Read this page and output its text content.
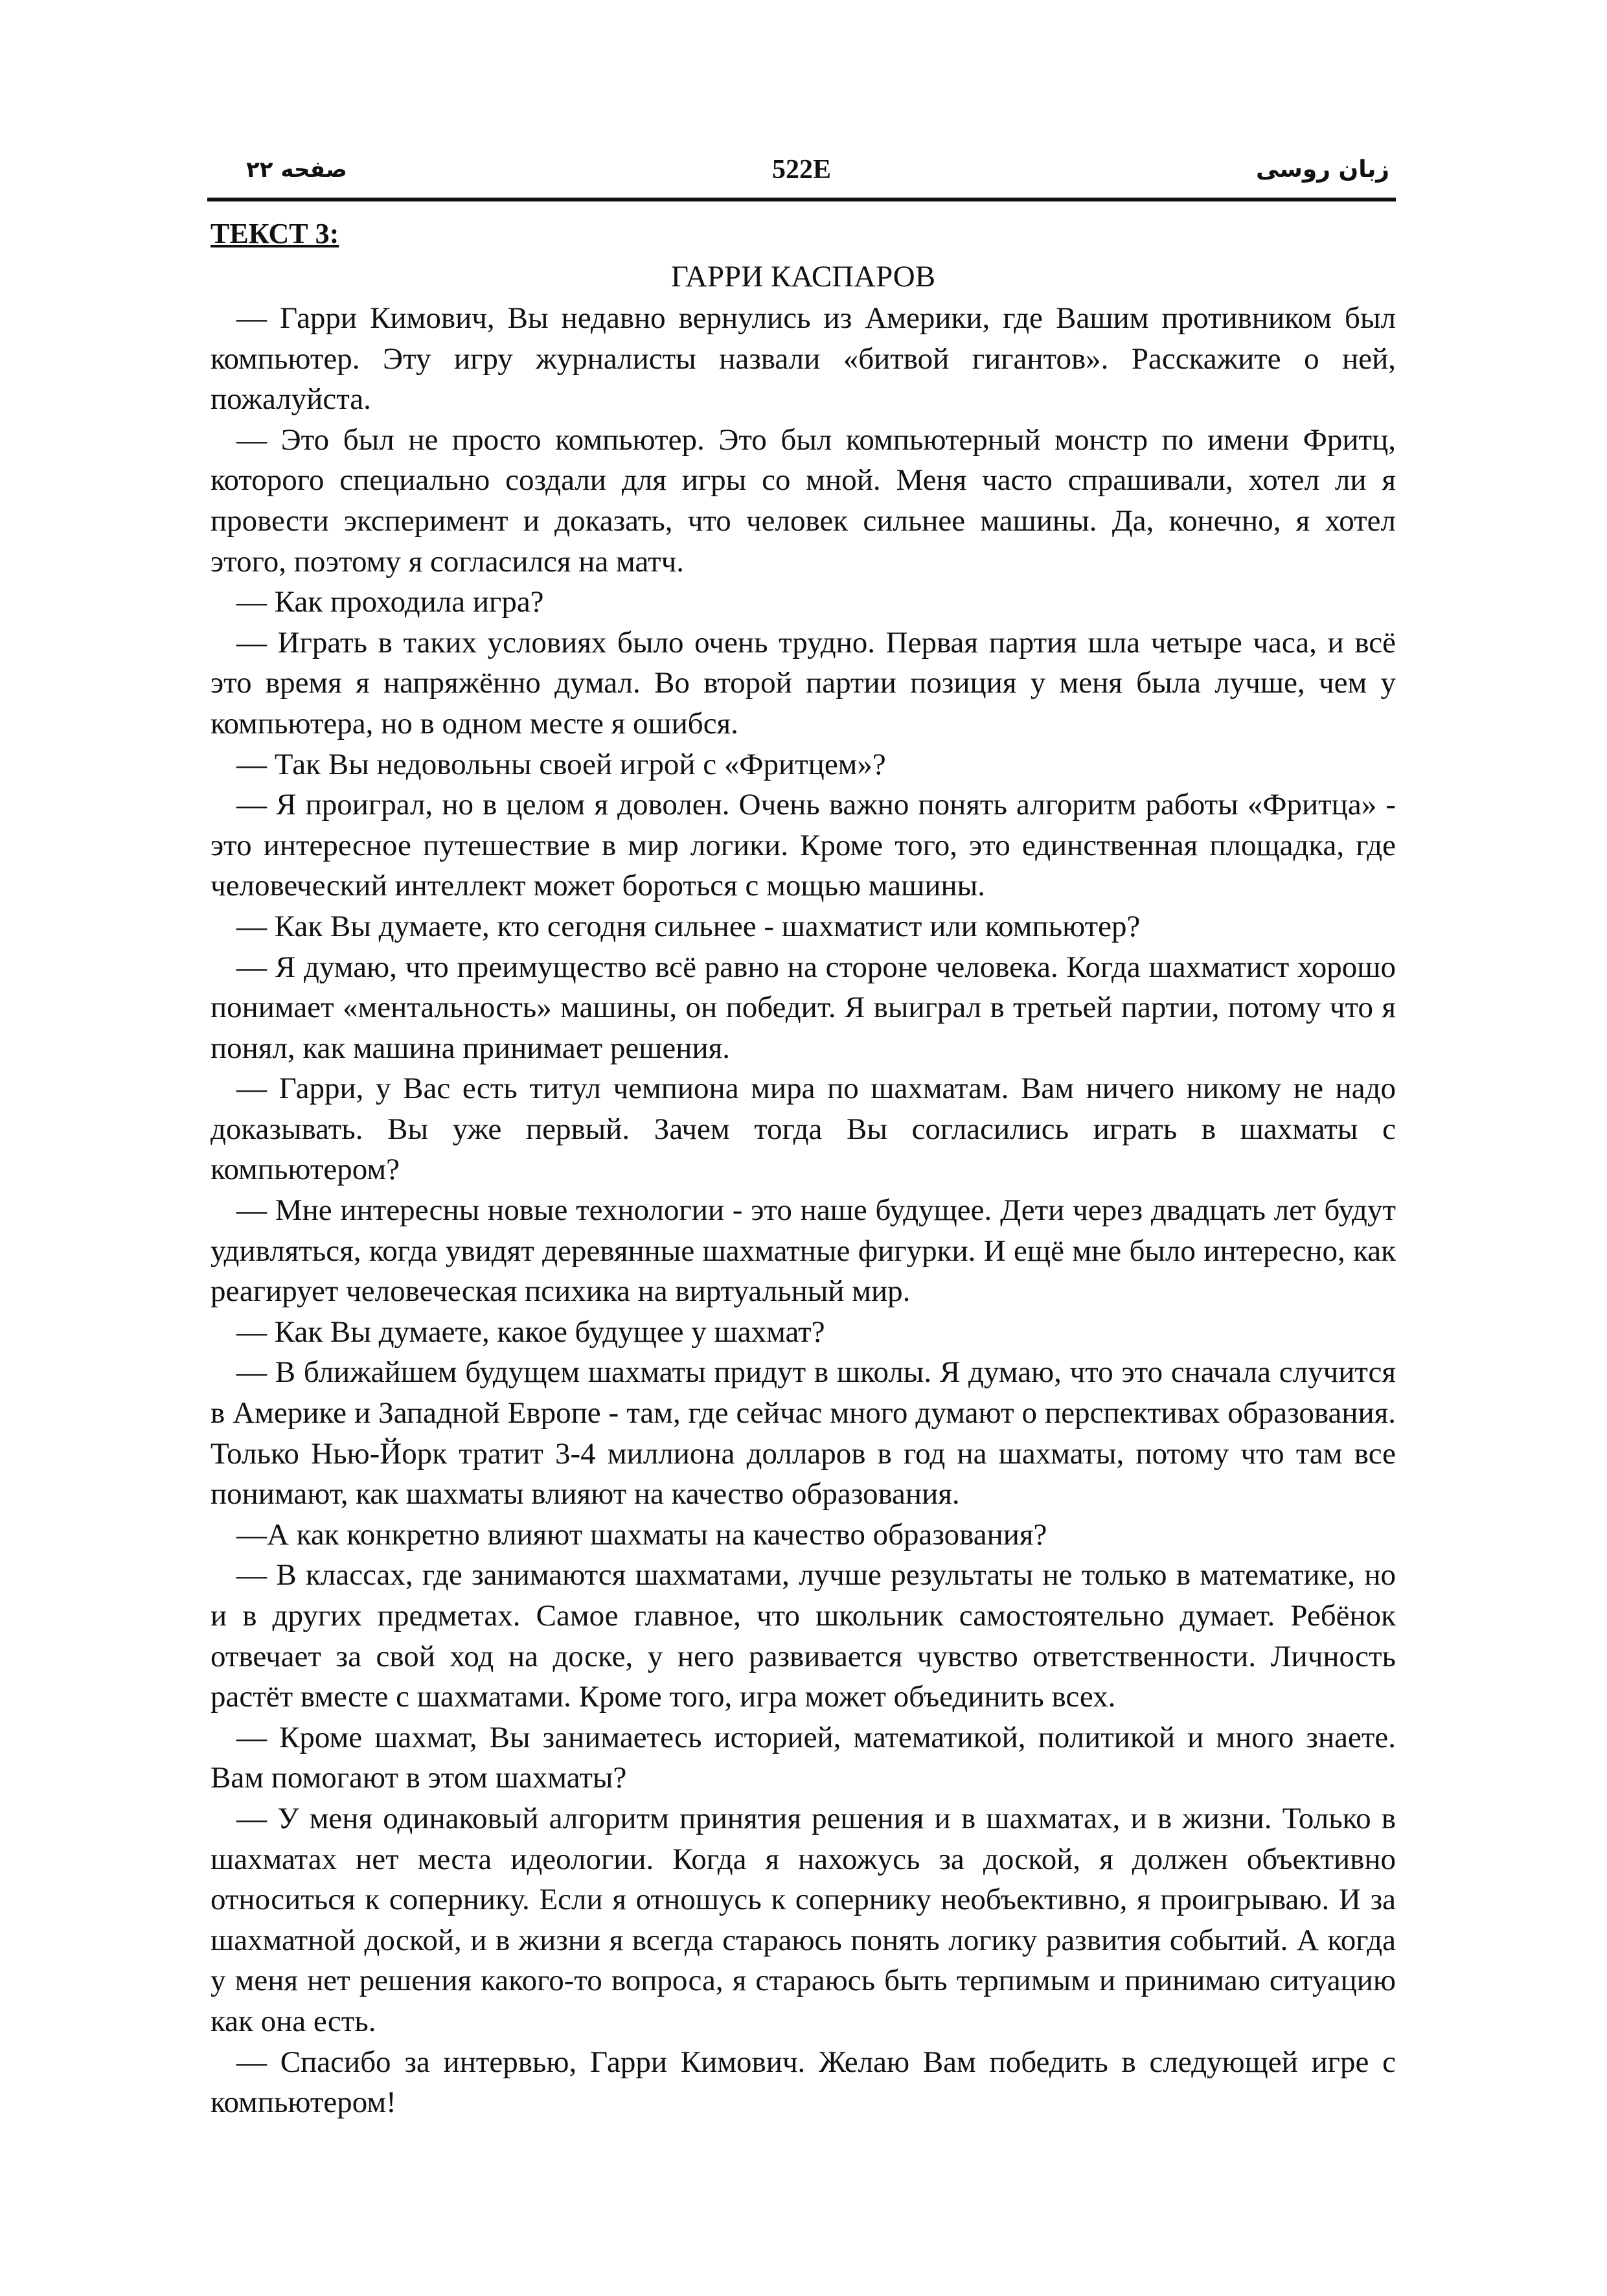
صفحه ۲۲	522E	زبان روسی

ТЕКСТ 3:

ГАРРИ КАСПАРОВ

— Гарри Кимович, Вы недавно вернулись из Америки, где Вашим противником был компьютер. Эту игру журналисты назвали «битвой гигантов». Расскажите о ней, пожалуйста.

— Это был не просто компьютер. Это был компьютерный монстр по имени Фритц, которого специально создали для игры со мной. Меня часто спрашивали, хотел ли я провести эксперимент и доказать, что человек сильнее машины. Да, конечно, я хотел этого, поэтому я согласился на матч.

— Как проходила игра?

— Играть в таких условиях было очень трудно. Первая партия шла четыре часа, и всё это время я напряжённо думал. Во второй партии позиция у меня была лучше, чем у компьютера, но в одном месте я ошибся.

— Так Вы недовольны своей игрой с «Фритцем»?

— Я проиграл, но в целом я доволен. Очень важно понять алгоритм работы «Фритца» - это интересное путешествие в мир логики. Кроме того, это единственная площадка, где человеческий интеллект может бороться с мощью машины.

— Как Вы думаете, кто сегодня сильнее - шахматист или компьютер?

— Я думаю, что преимущество всё равно на стороне человека. Когда шахматист хорошо понимает «ментальность» машины, он победит. Я выиграл в третьей партии, потому что я понял, как машина принимает решения.

— Гарри, у Вас есть титул чемпиона мира по шахматам. Вам ничего никому не надо доказывать. Вы уже первый. Зачем тогда Вы согласились играть в шахматы с компьютером?

— Мне интересны новые технологии - это наше будущее. Дети через двадцать лет будут удивляться, когда увидят деревянные шахматные фигурки. И ещё мне было интересно, как реагирует человеческая психика на виртуальный мир.

— Как Вы думаете, какое будущее у шахмат?

— В ближайшем будущем шахматы придут в школы. Я думаю, что это сначала случится в Америке и Западной Европе - там, где сейчас много думают о перспективах образования. Только Нью-Йорк тратит 3-4 миллиона долларов в год на шахматы, потому что там все понимают, как шахматы влияют на качество образования.

—А как конкретно влияют шахматы на качество образования?

— В классах, где занимаются шахматами, лучше результаты не только в математике, но и в других предметах. Самое главное, что школьник самостоятельно думает. Ребёнок отвечает за свой ход на доске, у него развивается чувство ответственности. Личность растёт вместе с шахматами. Кроме того, игра может объединить всех.

— Кроме шахмат, Вы занимаетесь историей, математикой, политикой и много знаете. Вам помогают в этом шахматы?

— У меня одинаковый алгоритм принятия решения и в шахматах, и в жизни. Только в шахматах нет места идеологии. Когда я нахожусь за доской, я должен объективно относиться к сопернику. Если я отношусь к сопернику необъективно, я проигрываю. И за шахматной доской, и в жизни я всегда стараюсь понять логику развития событий. А когда у меня нет решения какого-то вопроса, я стараюсь быть терпимым и принимаю ситуацию как она есть.

— Спасибо за интервью, Гарри Кимович. Желаю Вам победить в следующей игре с компьютером!
